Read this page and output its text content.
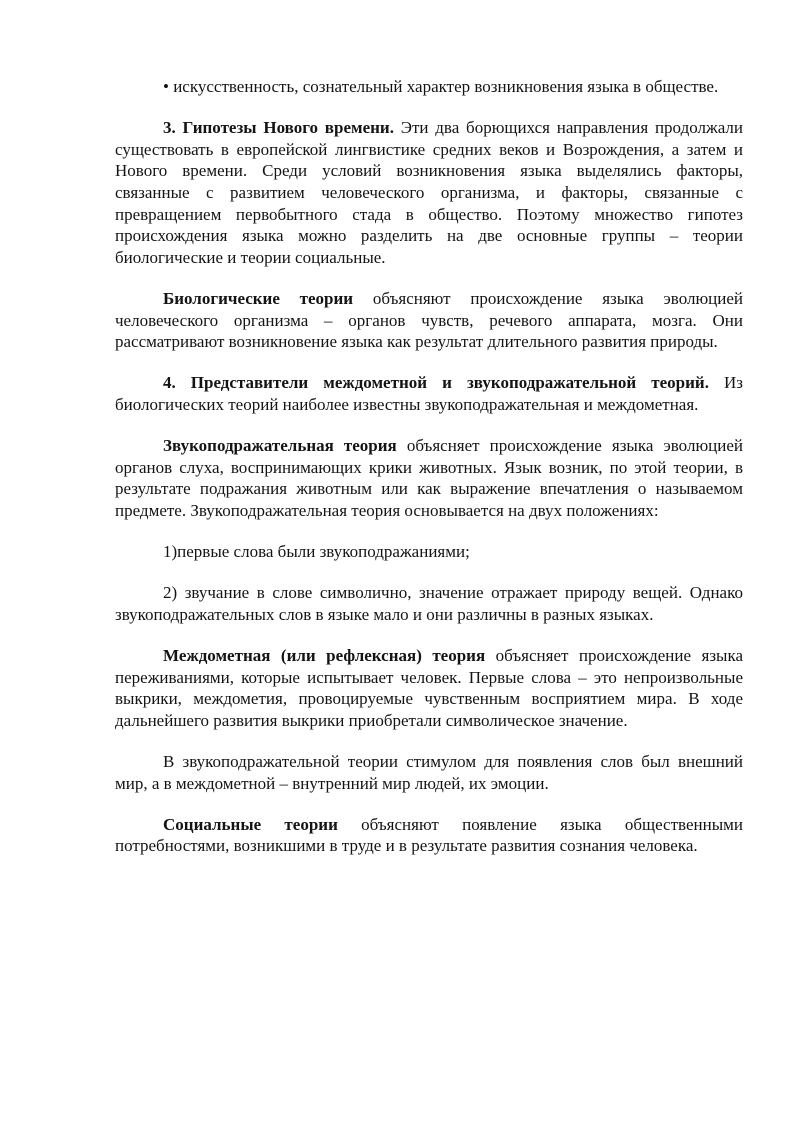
• искусственность, сознательный характер возникновения языка в обществе.

3. Гипотезы Нового времени. Эти два борющихся направления продолжали существовать в европейской лингвистике средних веков и Возрождения, а затем и Нового времени. Среди условий возникновения языка выделялись факторы, связанные с развитием человеческого организма, и факторы, связанные с превращением первобытного стада в общество. Поэтому множество гипотез происхождения языка можно разделить на две основные группы – теории биологические и теории социальные.

Биологические теории объясняют происхождение языка эволюцией человеческого организма – органов чувств, речевого аппарата, мозга. Они рассматривают возникновение языка как результат длительного развития природы.

4. Представители междометной и звукоподражательной теорий. Из биологических теорий наиболее известны звукоподражательная и междометная.

Звукоподражательная теория объясняет происхождение языка эволюцией органов слуха, воспринимающих крики животных. Язык возник, по этой теории, в результате подражания животным или как выражение впечатления о называемом предмете. Звукоподражательная теория основывается на двух положениях:

1)первые слова были звукоподражаниями;

2) звучание в слове символично, значение отражает природу вещей. Однако звукоподражательных слов в языке мало и они различны в разных языках.

Междометная (или рефлексная) теория объясняет происхождение языка переживаниями, которые испытывает человек. Первые слова – это непроизвольные выкрики, междометия, провоцируемые чувственным восприятием мира. В ходе дальнейшего развития выкрики приобретали символическое значение.

В звукоподражательной теории стимулом для появления слов был внешний мир, а в междометной – внутренний мир людей, их эмоции.

Социальные теории объясняют появление языка общественными потребностями, возникшими в труде и в результате развития сознания человека.
